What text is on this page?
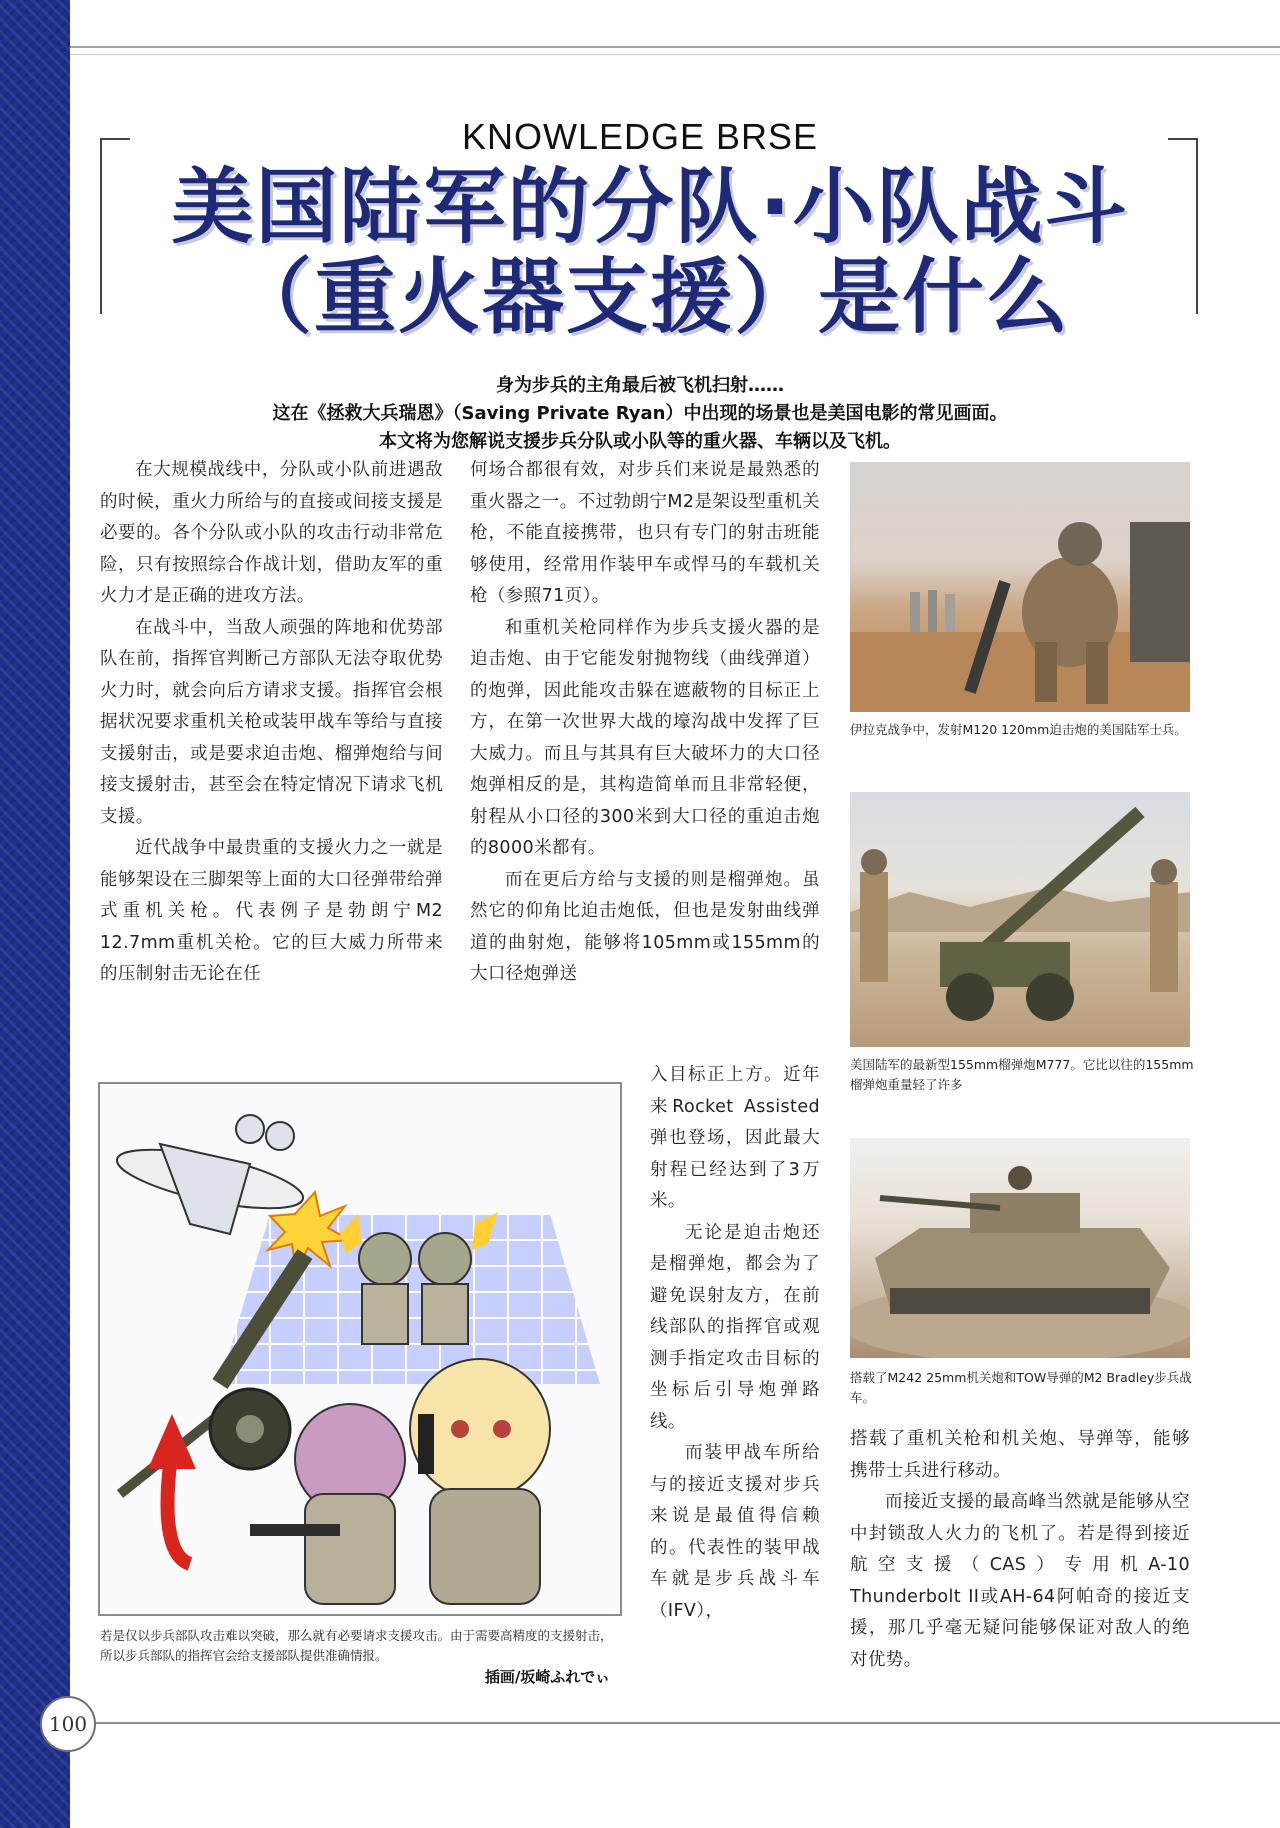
KNOWLEDGE BRSE
美国陆军的分队·小队战斗
（重火器支援）是什么
身为步兵的主角最后被飞机扫射……
这在《拯救大兵瑞恩》（Saving Private Ryan）中出现的场景也是美国电影的常见画面。
本文将为您解说支援步兵分队或小队等的重火器、车辆以及飞机。

在大规模战线中，分队或小队前进遇敌的时候，重火力所给与的直接或间接支援是必要的。各个分队或小队的攻击行动非常危险，只有按照综合作战计划，借助友军的重火力才是正确的进攻方法。

在战斗中，当敌人顽强的阵地和优势部队在前，指挥官判断己方部队无法夺取优势火力时，就会向后方请求支援。指挥官会根据状况要求重机关枪或装甲战车等给与直接支援射击，或是要求迫击炮、榴弹炮给与间接支援射击，甚至会在特定情况下请求飞机支援。

近代战争中最贵重的支援火力之一就是能够架设在三脚架等上面的大口径弹带给弹式重机关枪。代表例子是勃朗宁M2 12.7mm重机关枪。它的巨大威力所带来的压制射击无论在任

何场合都很有效，对步兵们来说是最熟悉的重火器之一。不过勃朗宁M2是架设型重机关枪，不能直接携带，也只有专门的射击班能够使用，经常用作装甲车或悍马的车载机关枪（参照71页）。

和重机关枪同样作为步兵支援火器的是迫击炮、由于它能发射抛物线（曲线弹道）的炮弹，因此能攻击躲在遮蔽物的目标正上方，在第一次世界大战的壕沟战中发挥了巨大威力。而且与其具有巨大破坏力的大口径炮弹相反的是，其构造简单而且非常轻便，射程从小口径的300米到大口径的重迫击炮的8000米都有。

而在更后方给与支援的则是榴弹炮。虽然它的仰角比迫击炮低，但也是发射曲线弹道的曲射炮，能够将105mm或155mm的大口径炮弹送

入目标正上方。近年来Rocket Assisted弹也登场，因此最大射程已经达到了3万米。

无论是迫击炮还是榴弹炮，都会为了避免误射友方，在前线部队的指挥官或观测手指定攻击目标的坐标后引导炮弹路线。

而装甲战车所给与的接近支援对步兵来说是最值得信赖的。代表性的装甲战车就是步兵战斗车（IFV），

搭载了重机关枪和机关炮、导弹等，能够携带士兵进行移动。

而接近支援的最高峰当然就是能够从空中封锁敌人火力的飞机了。若是得到接近航空支援（CAS）专用机A-10 Thunderbolt II或AH-64阿帕奇的接近支援，那几乎毫无疑问能够保证对敌人的绝对优势。

伊拉克战争中，发射M120 120mm迫击炮的美国陆军士兵。
美国陆军的最新型155mm榴弹炮M777。它比以往的155mm榴弹炮重量轻了许多
搭载了M242 25mm机关炮和TOW导弹的M2 Bradley步兵战车。
若是仅以步兵部队攻击难以突破，那么就有必要请求支援攻击。由于需要高精度的支援射击，所以步兵部队的指挥官会给支援部队提供准确情报。
插画/坂崎ふれでぃ
100
